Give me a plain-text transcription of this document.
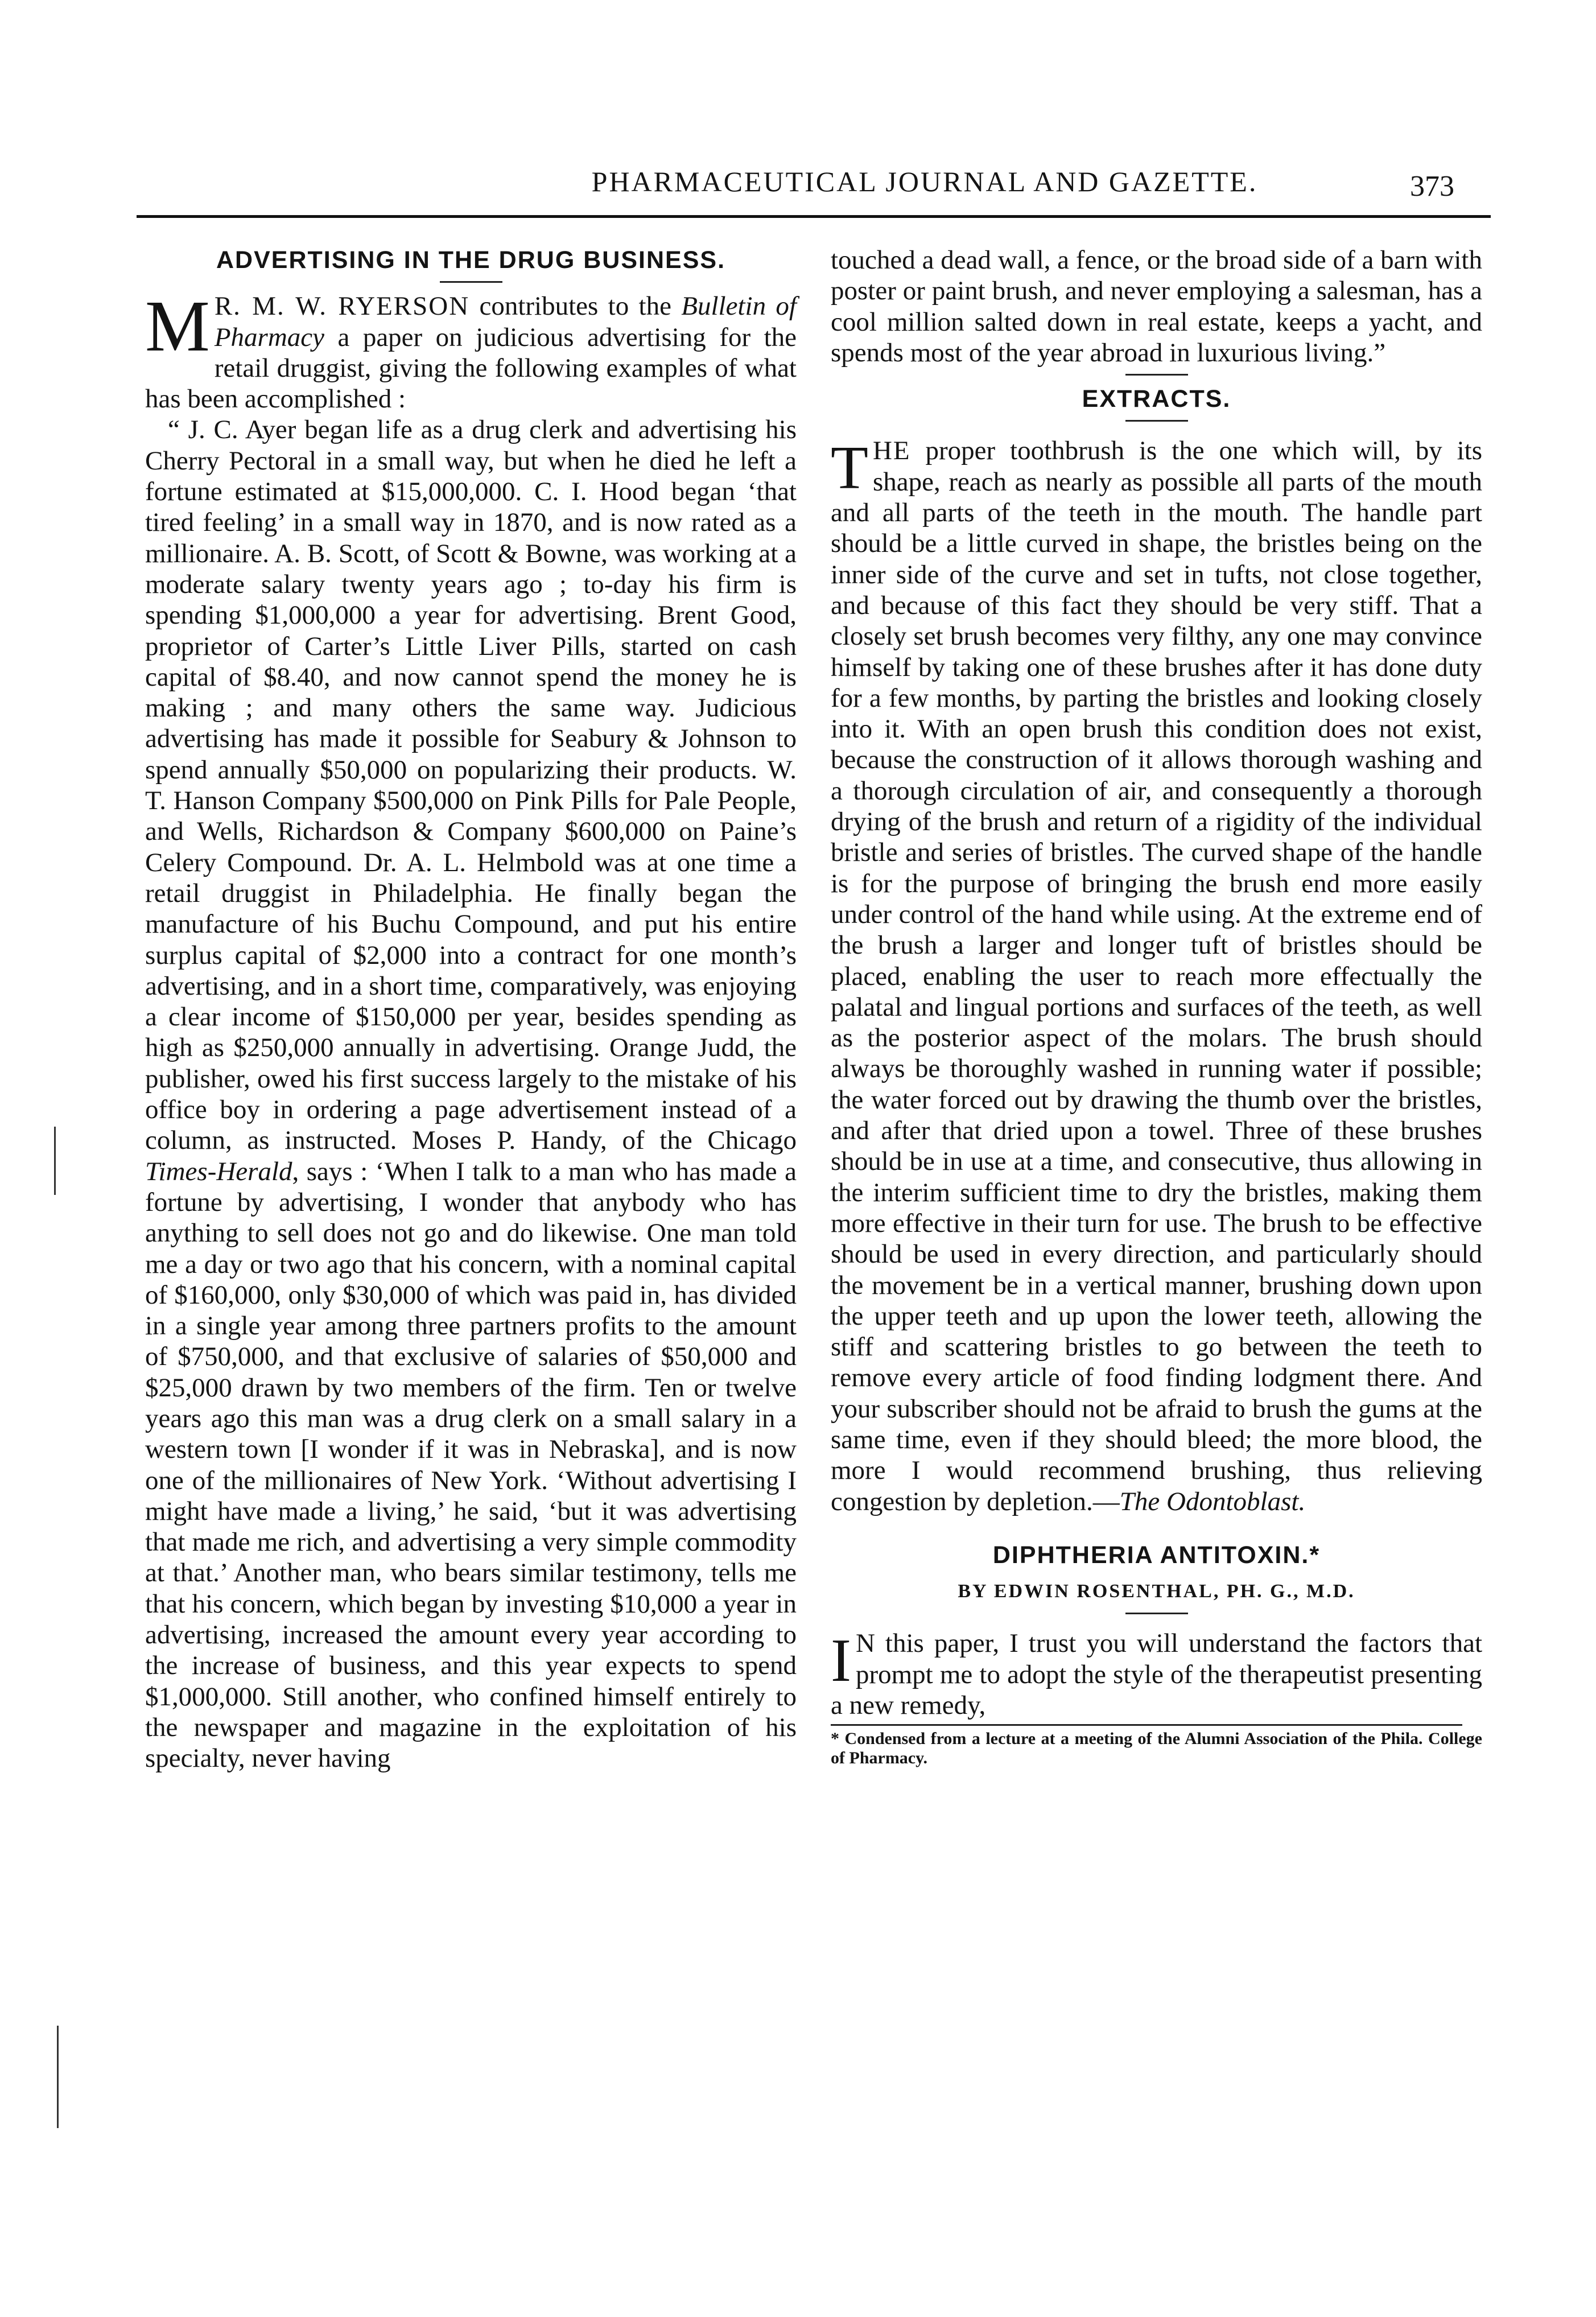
PHARMACEUTICAL JOURNAL AND GAZETTE.	373
ADVERTISING IN THE DRUG BUSINESS.

M R. M. W. RYERSON contributes to the Bulletin of Pharmacy a paper on judicious advertising for the retail druggist, giving the following examples of what has been accomplished :

“ J. C. Ayer began life as a drug clerk and advertising his Cherry Pectoral in a small way, but when he died he left a fortune estimated at $15,000,000. C. I. Hood began ‘that tired feeling’ in a small way in 1870, and is now rated as a millionaire. A. B. Scott, of Scott & Bowne, was working at a moderate salary twenty years ago ; to-day his firm is spending $1,000,000 a year for advertising. Brent Good, proprietor of Carter’s Little Liver Pills, started on cash capital of $8.40, and now cannot spend the money he is making ; and many others the same way. Judicious advertising has made it possible for Seabury & Johnson to spend annually $50,000 on popularizing their products. W. T. Hanson Company $500,000 on Pink Pills for Pale People, and Wells, Richardson & Company $600,000 on Paine’s Celery Compound. Dr. A. L. Helmbold was at one time a retail druggist in Philadelphia. He finally began the manufacture of his Buchu Compound, and put his entire surplus capital of $2,000 into a contract for one month’s advertising, and in a short time, comparatively, was enjoying a clear income of $150,000 per year, besides spending as high as $250,000 annually in advertising. Orange Judd, the publisher, owed his first success largely to the mistake of his office boy in ordering a page advertisement instead of a column, as instructed. Moses P. Handy, of the Chicago Times-Herald, says : ‘When I talk to a man who has made a fortune by advertising, I wonder that anybody who has anything to sell does not go and do likewise. One man told me a day or two ago that his concern, with a nominal capital of $160,000, only $30,000 of which was paid in, has divided in a single year among three partners profits to the amount of $750,000, and that exclusive of salaries of $50,000 and $25,000 drawn by two members of the firm. Ten or twelve years ago this man was a drug clerk on a small salary in a western town [I wonder if it was in Nebraska], and is now one of the millionaires of New York. ‘Without advertising I might have made a living,’ he said, ‘but it was advertising that made me rich, and advertising a very simple commodity at that.’ Another man, who bears similar testimony, tells me that his concern, which began by investing $10,000 a year in advertising, increased the amount every year according to the increase of business, and this year expects to spend $1,000,000. Still another, who confined himself entirely to the newspaper and magazine in the exploitation of his specialty, never having

touched a dead wall, a fence, or the broad side of a barn with poster or paint brush, and never employing a salesman, has a cool million salted down in real estate, keeps a yacht, and spends most of the year abroad in luxurious living.”

EXTRACTS.

THE proper toothbrush is the one which will, by its shape, reach as nearly as possible all parts of the mouth and all parts of the teeth in the mouth. The handle part should be a little curved in shape, the bristles being on the inner side of the curve and set in tufts, not close together, and because of this fact they should be very stiff. That a closely set brush becomes very filthy, any one may convince himself by taking one of these brushes after it has done duty for a few months, by parting the bristles and looking closely into it. With an open brush this condition does not exist, because the construction of it allows thorough washing and a thorough circulation of air, and consequently a thorough drying of the brush and return of a rigidity of the individual bristle and series of bristles. The curved shape of the handle is for the purpose of bringing the brush end more easily under control of the hand while using. At the extreme end of the brush a larger and longer tuft of bristles should be placed, enabling the user to reach more effectually the palatal and lingual portions and surfaces of the teeth, as well as the posterior aspect of the molars. The brush should always be thoroughly washed in running water if possible; the water forced out by drawing the thumb over the bristles, and after that dried upon a towel. Three of these brushes should be in use at a time, and consecutive, thus allowing in the interim sufficient time to dry the bristles, making them more effective in their turn for use. The brush to be effective should be used in every direction, and particularly should the movement be in a vertical manner, brushing down upon the upper teeth and up upon the lower teeth, allowing the stiff and scattering bristles to go between the teeth to remove every article of food finding lodgment there. And your subscriber should not be afraid to brush the gums at the same time, even if they should bleed; the more blood, the more I would recommend brushing, thus relieving congestion by depletion.—The Odontoblast.

DIPHTHERIA ANTITOXIN.*

BY EDWIN ROSENTHAL, PH. G., M.D.

I N this paper, I trust you will understand the factors that prompt me to adopt the style of the therapeutist presenting a new remedy,

* Condensed from a lecture at a meeting of the Alumni Association of the Phila. College of Pharmacy.
